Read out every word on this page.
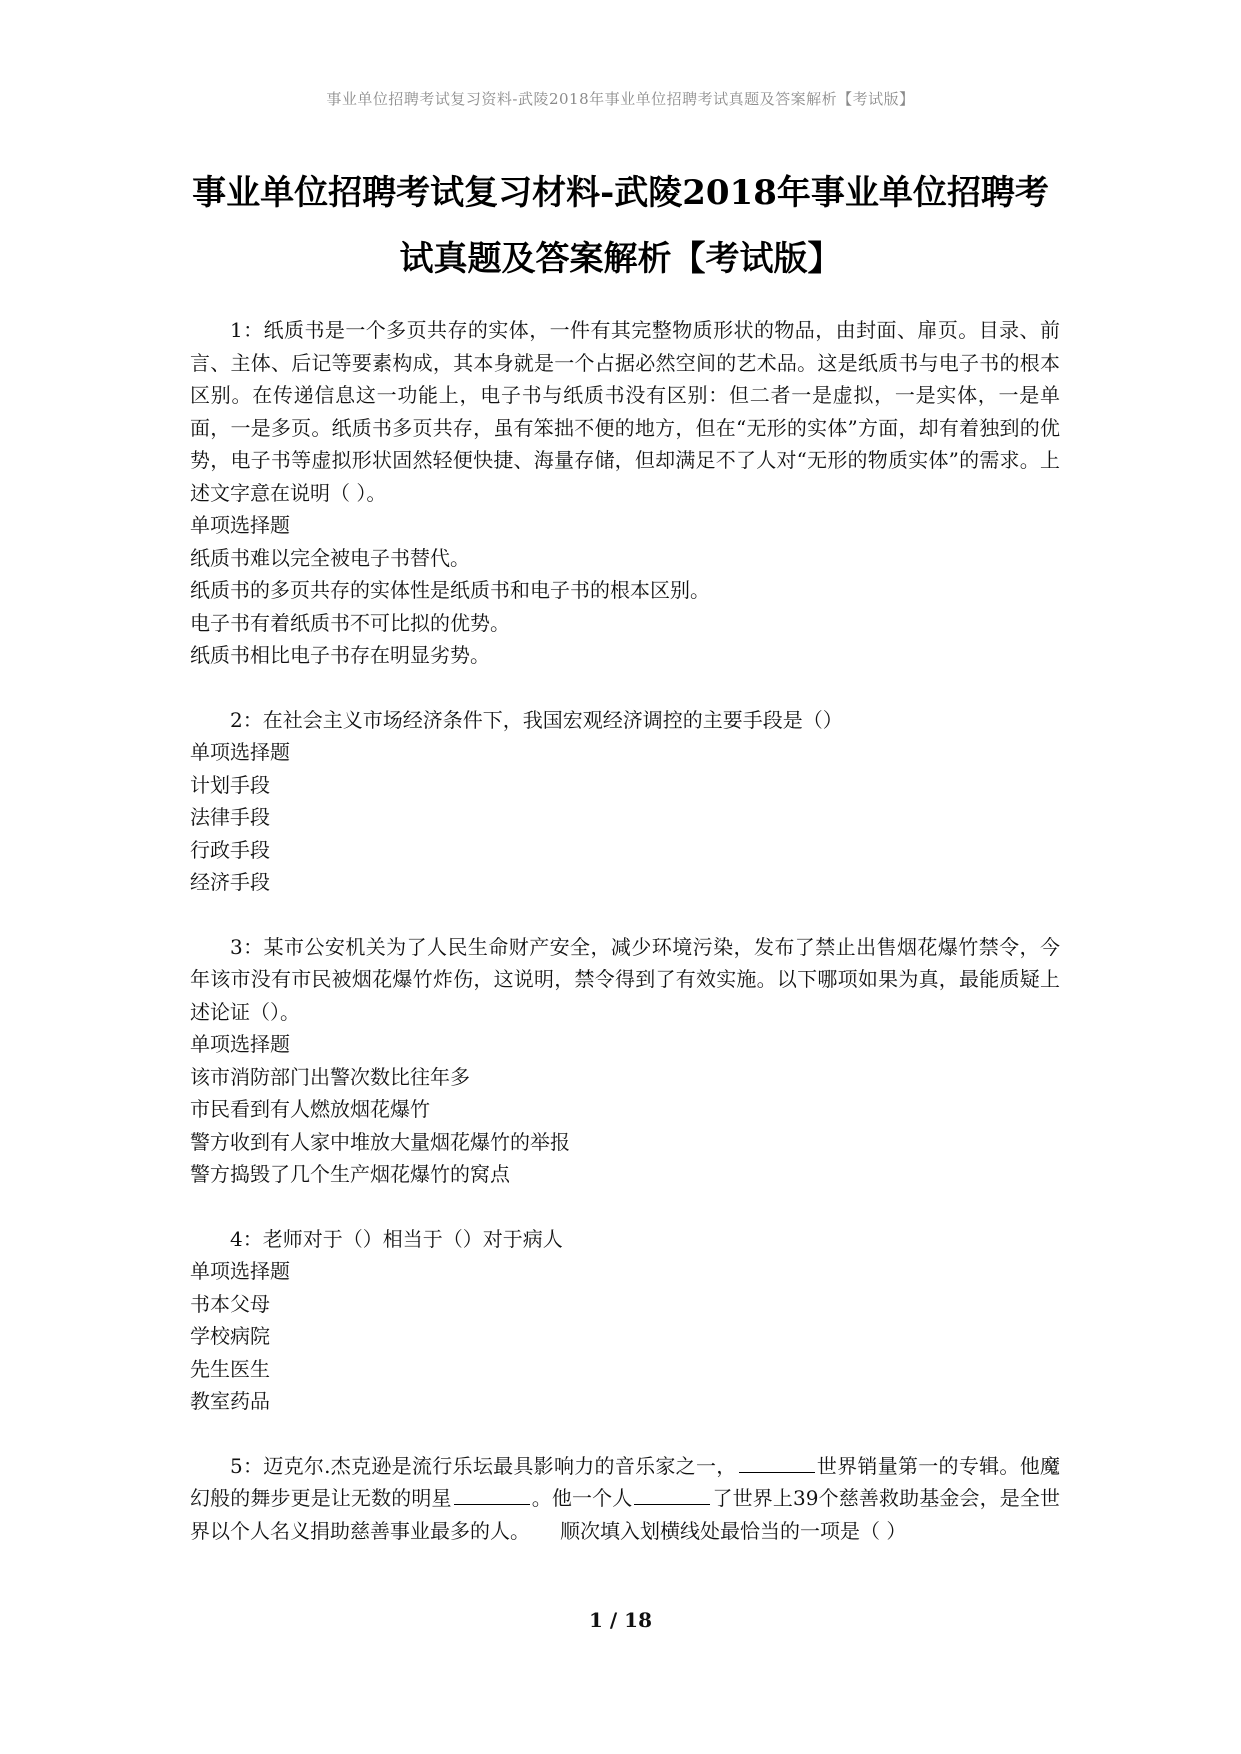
事业单位招聘考试复习资料-武陵2018年事业单位招聘考试真题及答案解析【考试版】
事业单位招聘考试复习材料-武陵2018年事业单位招聘考
试真题及答案解析【考试版】

1：纸质书是一个多页共存的实体，一件有其完整物质形状的物品，由封面、扉页。目录、前言、主体、后记等要素构成，其本身就是一个占据必然空间的艺术品。这是纸质书与电子书的根本区别。在传递信息这一功能上，电子书与纸质书没有区别：但二者一是虚拟，一是实体，一是单面，一是多页。纸质书多页共存，虽有笨拙不便的地方，但在“无形的实体”方面，却有着独到的优势，电子书等虚拟形状固然轻便快捷、海量存储，但却满足不了人对“无形的物质实体”的需求。上述文字意在说明（ ）。

单项选择题

纸质书难以完全被电子书替代。

纸质书的多页共存的实体性是纸质书和电子书的根本区别。

电子书有着纸质书不可比拟的优势。

纸质书相比电子书存在明显劣势。

2：在社会主义市场经济条件下，我国宏观经济调控的主要手段是（）

单项选择题

计划手段

法律手段

行政手段

经济手段

3：某市公安机关为了人民生命财产安全，减少环境污染，发布了禁止出售烟花爆竹禁令，今年该市没有市民被烟花爆竹炸伤，这说明，禁令得到了有效实施。以下哪项如果为真，最能质疑上述论证（）。

单项选择题

该市消防部门出警次数比往年多

市民看到有人燃放烟花爆竹

警方收到有人家中堆放大量烟花爆竹的举报

警方捣毁了几个生产烟花爆竹的窝点

4：老师对于（）相当于（）对于病人

单项选择题

书本父母

学校病院

先生医生

教室药品

5：迈克尔.杰克逊是流行乐坛最具影响力的音乐家之一，	世界销量第一的专辑。他魔幻般的舞步更是让无数的明星	。他一个人	了世界上39个慈善救助基金会，是全世界以个人名义捐助慈善事业最多的人。　　顺次填入划横线处最恰当的一项是（ ）

1 / 18
